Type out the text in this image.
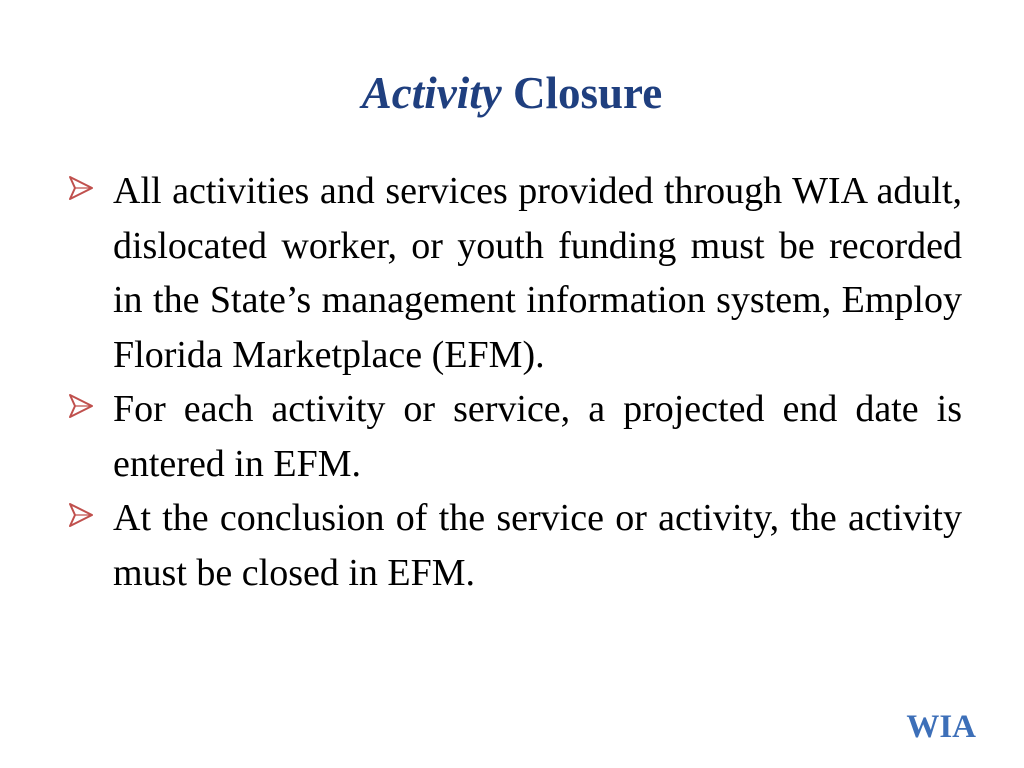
Activity Closure
All activities and services provided through WIA adult, dislocated worker, or youth funding must be recorded in the State’s management information system, Employ Florida Marketplace (EFM).
For each activity or service, a projected end date is entered in EFM.
At the conclusion of the service or activity, the activity must be closed in EFM.
WIA
